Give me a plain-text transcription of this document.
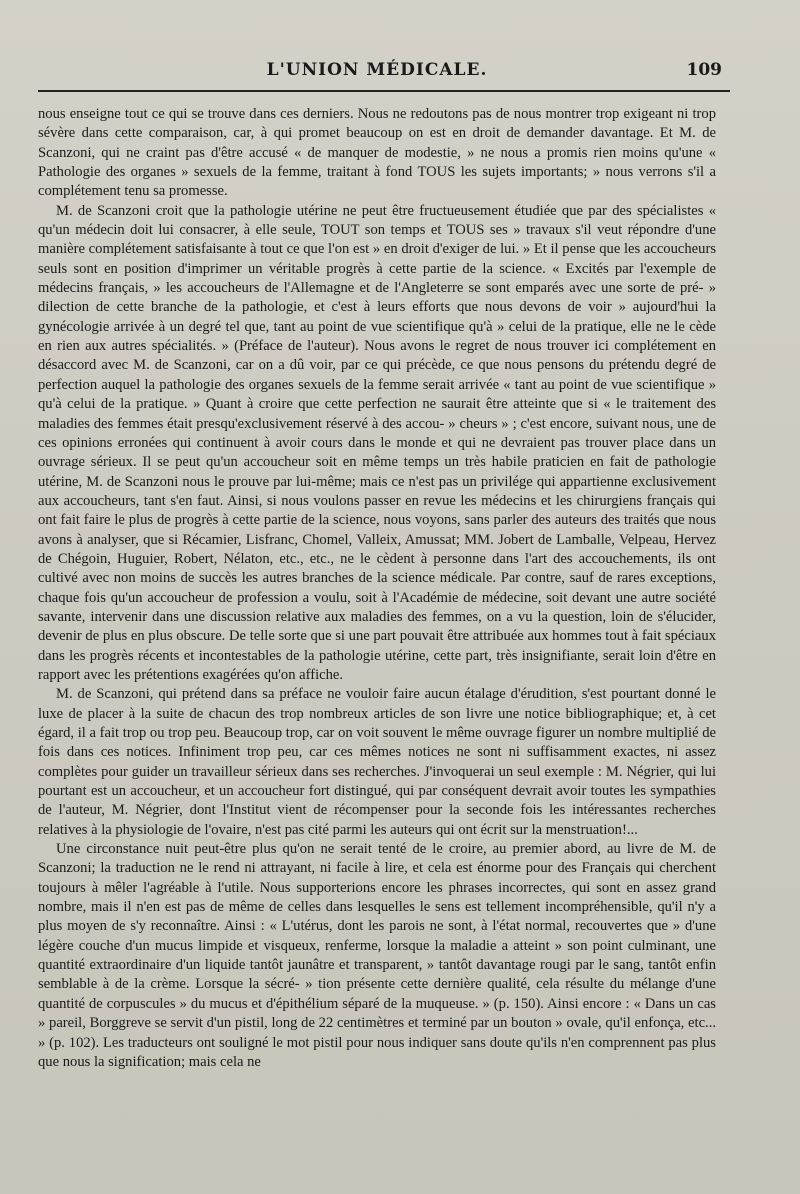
L'UNION MÉDICALE.	109

nous enseigne tout ce qui se trouve dans ces derniers. Nous ne redoutons pas de nous montrer trop exigeant ni trop sévère dans cette comparaison, car, à qui promet beaucoup on est en droit de demander davantage. Et M. de Scanzoni, qui ne craint pas d'être accusé « de manquer de modestie, » ne nous a promis rien moins qu'une « Pathologie des organes » sexuels de la femme, traitant à fond TOUS les sujets importants; » nous verrons s'il a complétement tenu sa promesse.

M. de Scanzoni croit que la pathologie utérine ne peut être fructueusement étudiée que par des spécialistes « qu'un médecin doit lui consacrer, à elle seule, TOUT son temps et TOUS ses » travaux s'il veut répondre d'une manière complétement satisfaisante à tout ce que l'on est » en droit d'exiger de lui. » Et il pense que les accoucheurs seuls sont en position d'imprimer un véritable progrès à cette partie de la science. « Excités par l'exemple de médecins français, » les accoucheurs de l'Allemagne et de l'Angleterre se sont emparés avec une sorte de pré- » dilection de cette branche de la pathologie, et c'est à leurs efforts que nous devons de voir » aujourd'hui la gynécologie arrivée à un degré tel que, tant au point de vue scientifique qu'à » celui de la pratique, elle ne le cède en rien aux autres spécialités. » (Préface de l'auteur). Nous avons le regret de nous trouver ici complétement en désaccord avec M. de Scanzoni, car on a dû voir, par ce qui précède, ce que nous pensons du prétendu degré de perfection auquel la pathologie des organes sexuels de la femme serait arrivée « tant au point de vue scientifique » qu'à celui de la pratique. » Quant à croire que cette perfection ne saurait être atteinte que si « le traitement des maladies des femmes était presqu'exclusivement réservé à des accou- » cheurs » ; c'est encore, suivant nous, une de ces opinions erronées qui continuent à avoir cours dans le monde et qui ne devraient pas trouver place dans un ouvrage sérieux. Il se peut qu'un accoucheur soit en même temps un très habile praticien en fait de pathologie utérine, M. de Scanzoni nous le prouve par lui-même; mais ce n'est pas un privilége qui appartienne exclusivement aux accoucheurs, tant s'en faut. Ainsi, si nous voulons passer en revue les médecins et les chirurgiens français qui ont fait faire le plus de progrès à cette partie de la science, nous voyons, sans parler des auteurs des traités que nous avons à analyser, que si Récamier, Lisfranc, Chomel, Valleix, Amussat; MM. Jobert de Lamballe, Velpeau, Hervez de Chégoin, Huguier, Robert, Nélaton, etc., etc., ne le cèdent à personne dans l'art des accouchements, ils ont cultivé avec non moins de succès les autres branches de la science médicale. Par contre, sauf de rares exceptions, chaque fois qu'un accoucheur de profession a voulu, soit à l'Académie de médecine, soit devant une autre société savante, intervenir dans une discussion relative aux maladies des femmes, on a vu la question, loin de s'élucider, devenir de plus en plus obscure. De telle sorte que si une part pouvait être attribuée aux hommes tout à fait spéciaux dans les progrès récents et incontestables de la pathologie utérine, cette part, très insignifiante, serait loin d'être en rapport avec les prétentions exagérées qu'on affiche.

M. de Scanzoni, qui prétend dans sa préface ne vouloir faire aucun étalage d'érudition, s'est pourtant donné le luxe de placer à la suite de chacun des trop nombreux articles de son livre une notice bibliographique; et, à cet égard, il a fait trop ou trop peu. Beaucoup trop, car on voit souvent le même ouvrage figurer un nombre multiplié de fois dans ces notices. Infiniment trop peu, car ces mêmes notices ne sont ni suffisamment exactes, ni assez complètes pour guider un travailleur sérieux dans ses recherches. J'invoquerai un seul exemple : M. Négrier, qui lui pourtant est un accoucheur, et un accoucheur fort distingué, qui par conséquent devrait avoir toutes les sympathies de l'auteur, M. Négrier, dont l'Institut vient de récompenser pour la seconde fois les intéressantes recherches relatives à la physiologie de l'ovaire, n'est pas cité parmi les auteurs qui ont écrit sur la menstruation!...

Une circonstance nuit peut-être plus qu'on ne serait tenté de le croire, au premier abord, au livre de M. de Scanzoni; la traduction ne le rend ni attrayant, ni facile à lire, et cela est énorme pour des Français qui cherchent toujours à mêler l'agréable à l'utile. Nous supporterions encore les phrases incorrectes, qui sont en assez grand nombre, mais il n'en est pas de même de celles dans lesquelles le sens est tellement incompréhensible, qu'il n'y a plus moyen de s'y reconnaître. Ainsi : « L'utérus, dont les parois ne sont, à l'état normal, recouvertes que » d'une légère couche d'un mucus limpide et visqueux, renferme, lorsque la maladie a atteint » son point culminant, une quantité extraordinaire d'un liquide tantôt jaunâtre et transparent, » tantôt davantage rougi par le sang, tantôt enfin semblable à de la crème. Lorsque la sécré- » tion présente cette dernière qualité, cela résulte du mélange d'une quantité de corpuscules » du mucus et d'épithélium séparé de la muqueuse. » (p. 150). Ainsi encore : « Dans un cas » pareil, Borggreve se servit d'un pistil, long de 22 centimètres et terminé par un bouton » ovale, qu'il enfonça, etc... » (p. 102). Les traducteurs ont souligné le mot pistil pour nous indiquer sans doute qu'ils n'en comprennent pas plus que nous la signification; mais cela ne
